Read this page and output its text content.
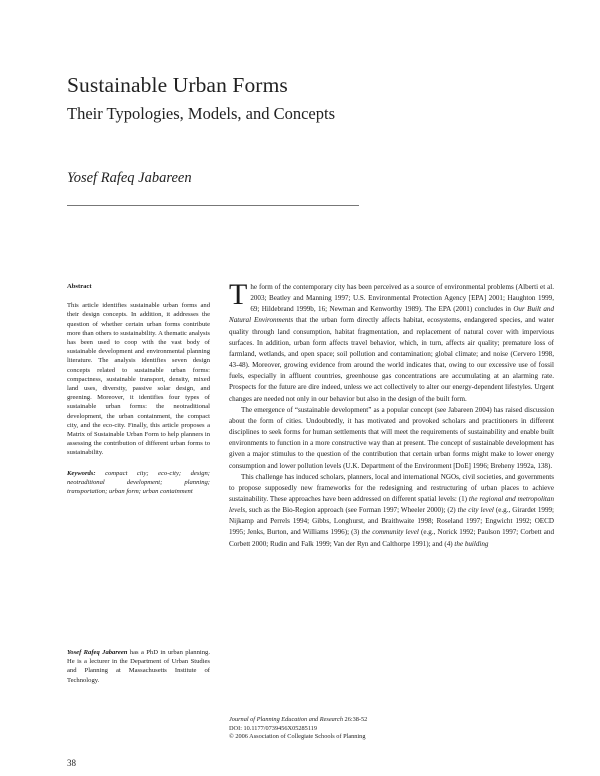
Sustainable Urban Forms
Their Typologies, Models, and Concepts
Yosef Rafeq Jabareen
Abstract

This article identifies sustainable urban forms and their design concepts. In addition, it addresses the question of whether certain urban forms contribute more than others to sustainability. A thematic analysis has been used to coop with the vast body of sustainable development and environmental planning literature. The analysis identifies seven design concepts related to sustainable urban forms: compactness, sustainable transport, density, mixed land uses, diversity, passive solar design, and greening. Moreover, it identifies four types of sustainable urban forms: the neotraditional development, the urban containment, the compact city, and the eco-city. Finally, this article proposes a Matrix of Sustainable Urban Form to help planners in assessing the contribution of different urban forms to sustainability.

Keywords: compact city; eco-city; design; neotraditional development; planning; transportation; urban form; urban containment

Yosef Rafeq Jabareen has a PhD in urban planning. He is a lecturer in the Department of Urban Studies and Planning at Massachusetts Institute of Technology.

The form of the contemporary city has been perceived as a source of environmental problems (Alberti et al. 2003; Beatley and Manning 1997; U.S. Environmental Protection Agency [EPA] 2001; Haughton 1999, 69; Hildebrand 1999b, 16; Newman and Kenworthy 1989). The EPA (2001) concludes in Our Built and Natural Environments that the urban form directly affects habitat, ecosystems, endangered species, and water quality through land consumption, habitat fragmentation, and replacement of natural cover with impervious surfaces. In addition, urban form affects travel behavior, which, in turn, affects air quality; premature loss of farmland, wetlands, and open space; soil pollution and contamination; global climate; and noise (Cervero 1998, 43-48). Moreover, growing evidence from around the world indicates that, owing to our excessive use of fossil fuels, especially in affluent countries, greenhouse gas concentrations are accumulating at an alarming rate. Prospects for the future are dire indeed, unless we act collectively to alter our energy-dependent lifestyles. Urgent changes are needed not only in our behavior but also in the design of the built form.

The emergence of “sustainable development” as a popular concept (see Jabareen 2004) has raised discussion about the form of cities. Undoubtedly, it has motivated and provoked scholars and practitioners in different disciplines to seek forms for human settlements that will meet the requirements of sustainability and enable built environments to function in a more constructive way than at present. The concept of sustainable development has given a major stimulus to the question of the contribution that certain urban forms might make to lower energy consumption and lower pollution levels (U.K. Department of the Environment [DoE] 1996; Breheny 1992a, 138).

This challenge has induced scholars, planners, local and international NGOs, civil societies, and governments to propose supposedly new frameworks for the redesigning and restructuring of urban places to achieve sustainability. These approaches have been addressed on different spatial levels: (1) the regional and metropolitan levels, such as the Bio-Region approach (see Forman 1997; Wheeler 2000); (2) the city level (e.g., Girardet 1999; Nijkamp and Perrels 1994; Gibbs, Longhurst, and Braithwaite 1998; Roseland 1997; Engwicht 1992; OECD 1995; Jenks, Burton, and Williams 1996); (3) the community level (e.g., Norick 1992; Paulson 1997; Corbett and Corbett 2000; Rudin and Falk 1999; Van der Ryn and Calthorpe 1991); and (4) the building

Journal of Planning Education and Research 26:38-52
DOI: 10.1177/0739456X05285119
© 2006 Association of Collegiate Schools of Planning
38
